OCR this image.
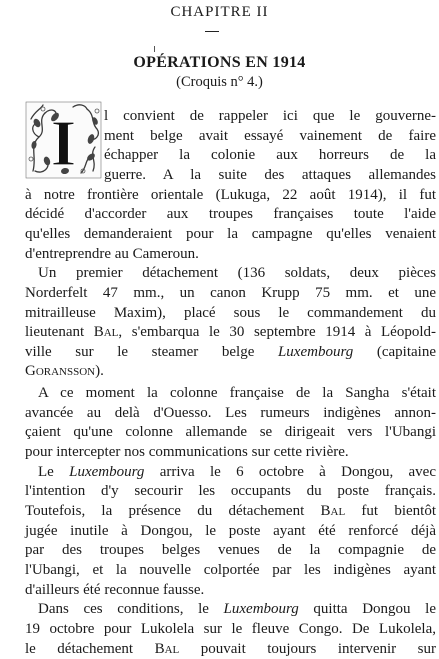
CHAPITRE II
OPÉRATIONS EN 1914
(Croquis n° 4.)
I l convient de rappeler ici que le gouverne-
ment belge avait essayé vainement de faire
échapper la colonie aux horreurs de la
guerre. A la suite des attaques allemandes
à notre frontière orientale (Lukuga, 22 août 1914), il fut
décidé d'accorder aux troupes françaises toute l'aide
qu'elles demanderaient pour la campagne qu'elles venaient
d'entreprendre au Cameroun.
Un premier détachement (136 soldats, deux pièces
Norderfelt 47 mm., un canon Krupp 75 mm. et une
mitrailleuse Maxim), placé sous le commandement du
lieutenant Bal, s'embarqua le 30 septembre 1914 à Léopold-
ville sur le steamer belge Luxembourg (capitaine
Goransson).
A ce moment la colonne française de la Sangha s'était
avancée au delà d'Ouesso. Les rumeurs indigènes annon-
çaient qu'une colonne allemande se dirigeait vers l'Ubangi
pour intercepter nos communications sur cette rivière.
Le Luxembourg arriva le 6 octobre à Dongou, avec
l'intention d'y secourir les occupants du poste français.
Toutefois, la présence du détachement Bal fut bientôt
jugée inutile à Dongou, le poste ayant été renforcé déjà
par des troupes belges venues de la compagnie de
l'Ubangi, et la nouvelle colportée par les indigènes ayant
d'ailleurs été reconnue fausse.
Dans ces conditions, le Luxembourg quitta Dongou le
19 octobre pour Lukolela sur le fleuve Congo. De Lukolela,
le détachement Bal pouvait toujours intervenir sur
